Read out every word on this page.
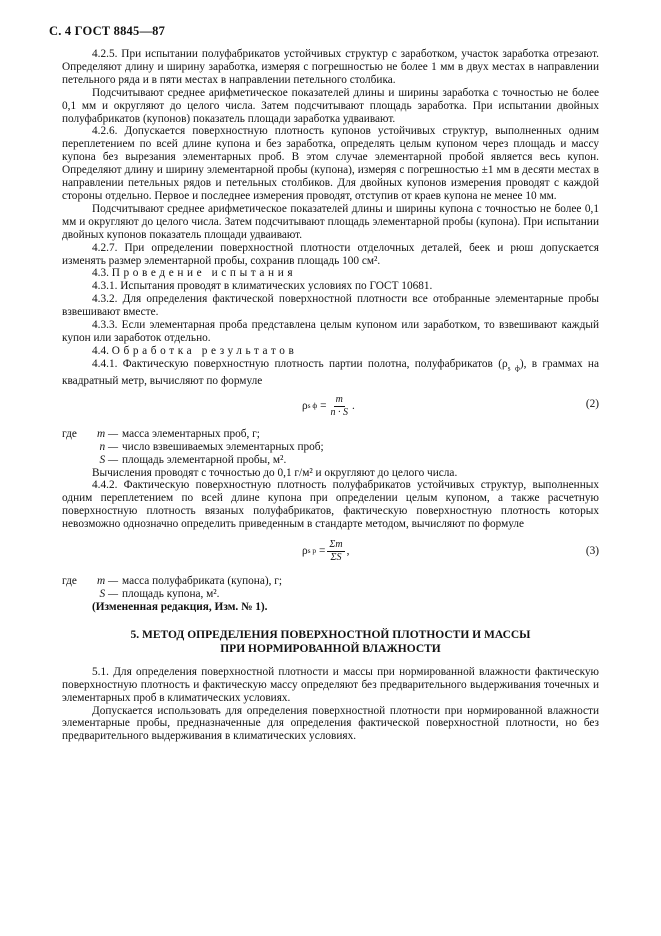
С. 4 ГОСТ 8845—87

4.2.5. При испытании полуфабрикатов устойчивых структур с заработком, участок заработка отрезают. Определяют длину и ширину заработка, измеряя с погрешностью не более 1 мм в двух местах в направлении петельного ряда и в пяти местах в направлении петельного столбика.

Подсчитывают среднее арифметическое показателей длины и ширины заработка с точностью не более 0,1 мм и округляют до целого числа. Затем подсчитывают площадь заработка. При испытании двойных полуфабрикатов (купонов) показатель площади заработка удваивают.

4.2.6. Допускается поверхностную плотность купонов устойчивых структур, выполненных одним переплетением по всей длине купона и без заработка, определять целым купоном через площадь и массу купона без вырезания элементарных проб. В этом случае элементарной пробой является весь купон. Определяют длину и ширину элементарной пробы (купона), измеряя с погрешностью ±1 мм в десяти местах в направлении петельных рядов и петельных столбиков. Для двойных купонов измерения проводят с каждой стороны отдельно. Первое и последнее измерения проводят, отступив от краев купона не менее 10 мм.

Подсчитывают среднее арифметическое показателей длины и ширины купона с точностью не более 0,1 мм и округляют до целого числа. Затем подсчитывают площадь элементарной пробы (купона). При испытании двойных купонов показатель площади удваивают.

4.2.7. При определении поверхностной плотности отделочных деталей, беек и рюш допускается изменять размер элементарной пробы, сохранив площадь 100 см².

4.3. Проведение испытания

4.3.1. Испытания проводят в климатических условиях по ГОСТ 10681.

4.3.2. Для определения фактической поверхностной плотности все отобранные элементарные пробы взвешивают вместе.

4.3.3. Если элементарная проба представлена целым купоном или заработком, то взвешивают каждый купон или заработок отдельно.

4.4. Обработка результатов

4.4.1. Фактическую поверхностную плотность партии полотна, полуфабрикатов $(\rho_{s ф})$, в граммах на квадратный метр, вычисляют по формуле

ρ s ф
= $\frac{m}{n \cdot S}$ .	(2)
где	m — масса элементарных проб, г;
n — число взвешиваемых элементарных проб;
S — площадь элементарной пробы, м².

Вычисления проводят с точностью до 0,1 г/м² и округляют до целого числа.

4.4.2. Фактическую поверхностную плотность полуфабрикатов устойчивых структур, выполненных одним переплетением по всей длине купона при определении целым купоном, а также расчетную поверхностную плотность вязаных полуфабрикатов, фактическую поверхностную плотность которых невозможно однозначно определить приведенным в стандарте методом, вычисляют по формуле

ρ s р
= $\frac{\Sigma m}{\Sigma S}$ ,	(3)
где	m — масса полуфабриката (купона), г;
S — площадь купона, м².

(Измененная редакция, Изм. № 1).

5. МЕТОД ОПРЕДЕЛЕНИЯ ПОВЕРХНОСТНОЙ ПЛОТНОСТИ И МАССЫ
ПРИ НОРМИРОВАННОЙ ВЛАЖНОСТИ

5.1. Для определения поверхностной плотности и массы при нормированной влажности фактическую поверхностную плотность и фактическую массу определяют без предварительного выдерживания точечных и элементарных проб в климатических условиях.

Допускается использовать для определения поверхностной плотности при нормированной влажности элементарные пробы, предназначенные для определения фактической поверхностной плотности, но без предварительного выдерживания в климатических условиях.
